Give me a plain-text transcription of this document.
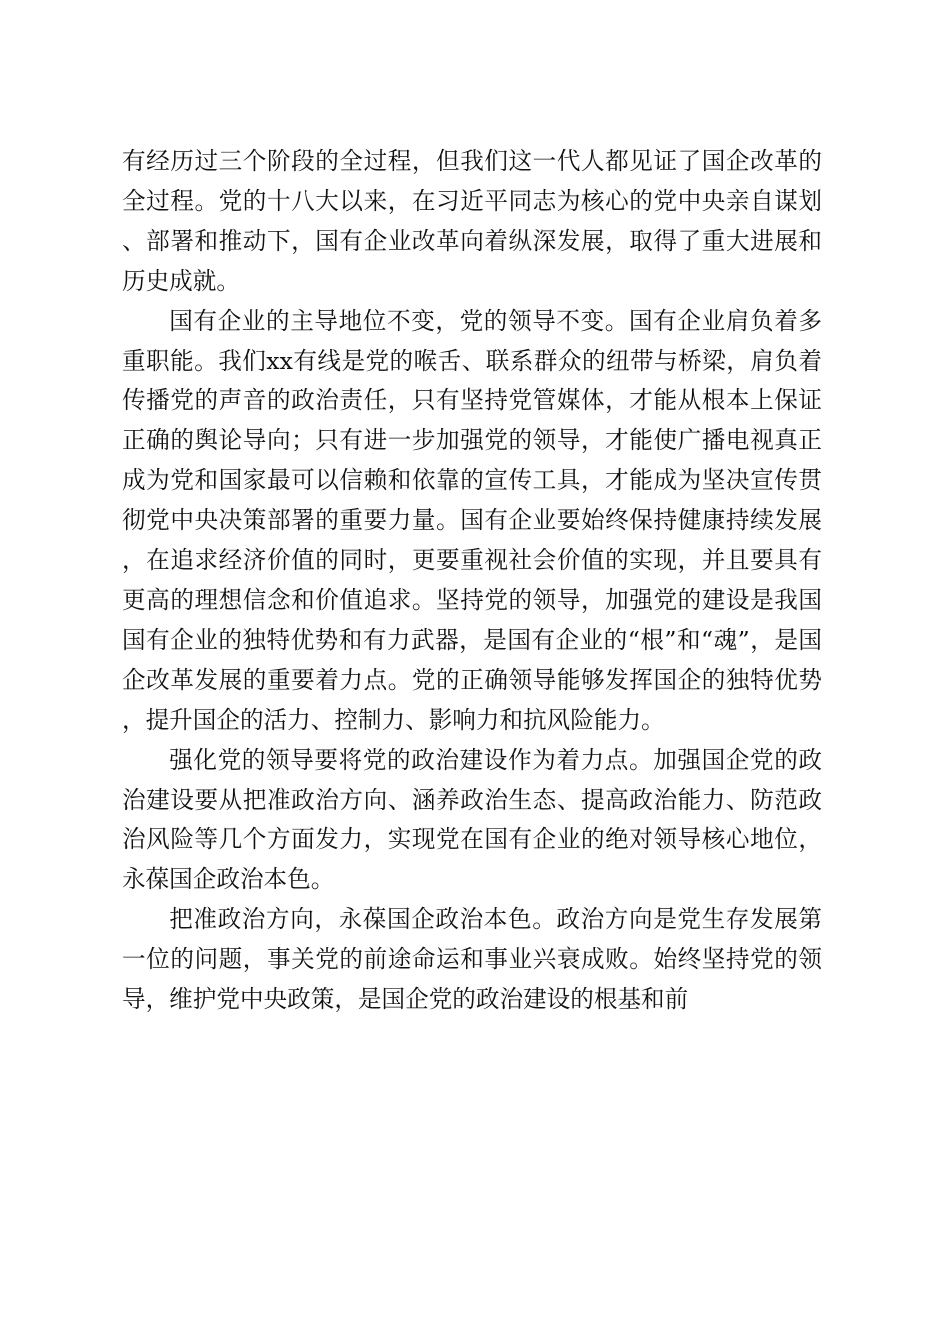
有经历过三个阶段的全过程，但我们这一代人都见证了国企改革的全过程。党的十八大以来，在习近平同志为核心的党中央亲自谋划、部署和推动下，国有企业改革向着纵深发展，取得了重大进展和历史成就。

国有企业的主导地位不变，党的领导不变。国有企业肩负着多重职能。我们xx有线是党的喉舌、联系群众的纽带与桥梁，肩负着传播党的声音的政治责任，只有坚持党管媒体，才能从根本上保证正确的舆论导向；只有进一步加强党的领导，才能使广播电视真正成为党和国家最可以信赖和依靠的宣传工具，才能成为坚决宣传贯彻党中央决策部署的重要力量。国有企业要始终保持健康持续发展，在追求经济价值的同时，更要重视社会价值的实现，并且要具有更高的理想信念和价值追求。坚持党的领导，加强党的建设是我国国有企业的独特优势和有力武器，是国有企业的“根”和“魂”，是国企改革发展的重要着力点。党的正确领导能够发挥国企的独特优势，提升国企的活力、控制力、影响力和抗风险能力。

强化党的领导要将党的政治建设作为着力点。加强国企党的政治建设要从把准政治方向、涵养政治生态、提高政治能力、防范政治风险等几个方面发力，实现党在国有企业的绝对领导核心地位，永葆国企政治本色。

把准政治方向，永葆国企政治本色。政治方向是党生存发展第一位的问题，事关党的前途命运和事业兴衰成败。始终坚持党的领导，维护党中央政策，是国企党的政治建设的根基和前
